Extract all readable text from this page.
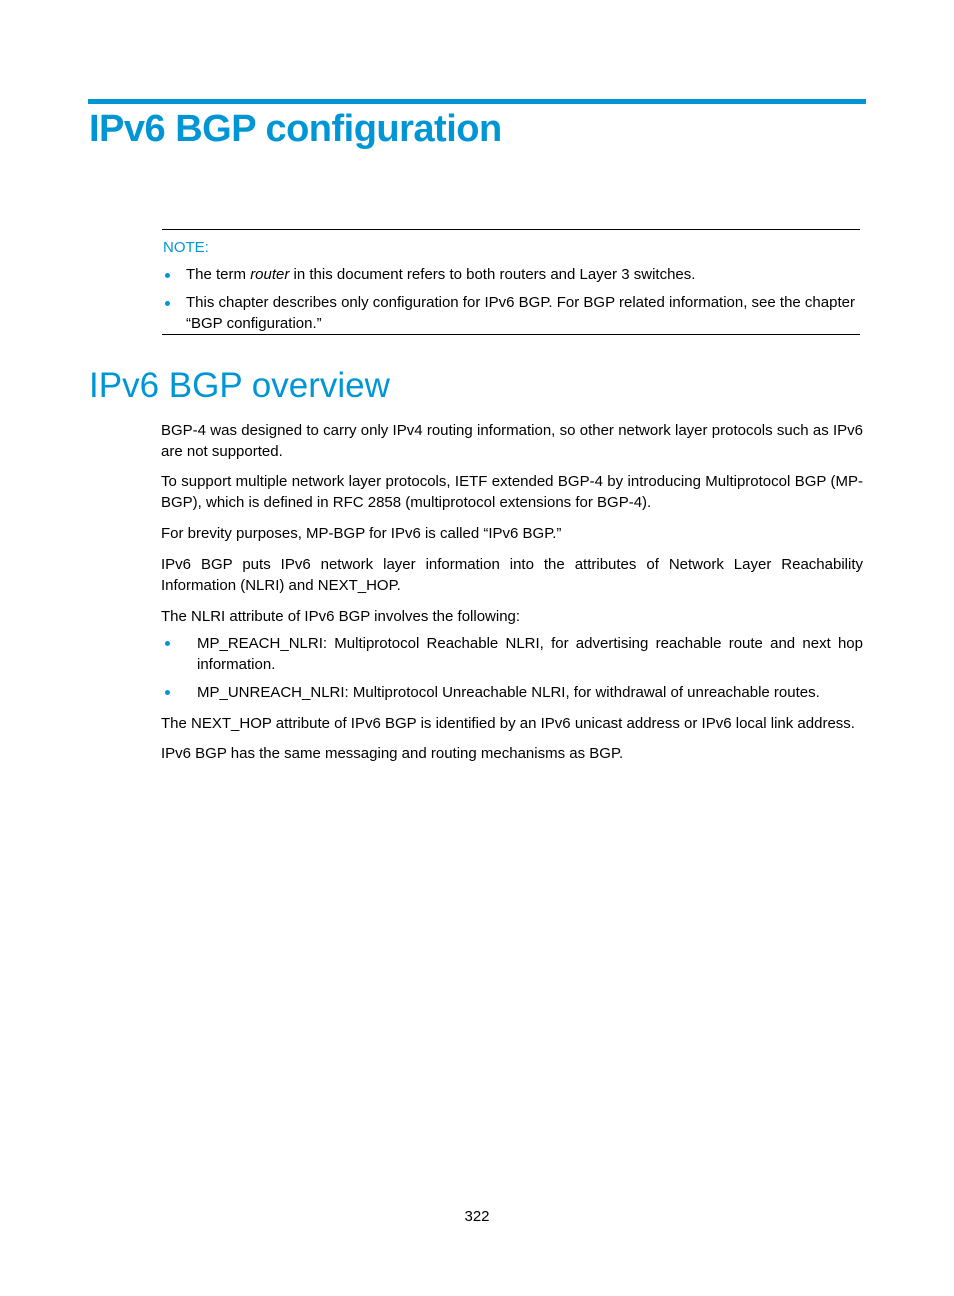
IPv6 BGP configuration
NOTE:
The term router in this document refers to both routers and Layer 3 switches.
This chapter describes only configuration for IPv6 BGP. For BGP related information, see the chapter “BGP configuration.”
IPv6 BGP overview

BGP-4 was designed to carry only IPv4 routing information, so other network layer protocols such as IPv6 are not supported.

To support multiple network layer protocols, IETF extended BGP-4 by introducing Multiprotocol BGP (MP-BGP), which is defined in RFC 2858 (multiprotocol extensions for BGP-4).

For brevity purposes, MP-BGP for IPv6 is called “IPv6 BGP.”

IPv6 BGP puts IPv6 network layer information into the attributes of Network Layer Reachability Information (NLRI) and NEXT_HOP.

The NLRI attribute of IPv6 BGP involves the following:

MP_REACH_NLRI: Multiprotocol Reachable NLRI, for advertising reachable route and next hop information.

MP_UNREACH_NLRI: Multiprotocol Unreachable NLRI, for withdrawal of unreachable routes.

The NEXT_HOP attribute of IPv6 BGP is identified by an IPv6 unicast address or IPv6 local link address.

IPv6 BGP has the same messaging and routing mechanisms as BGP.

322
